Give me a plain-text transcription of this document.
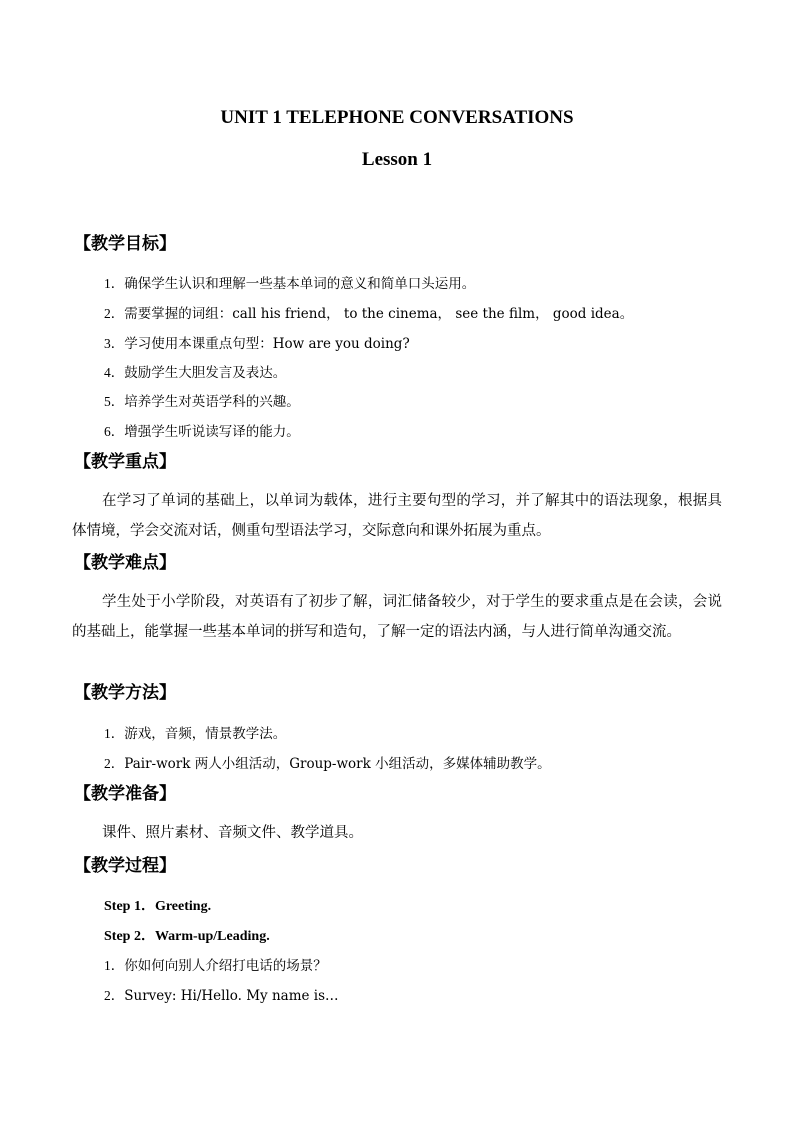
UNIT 1 TELEPHONE CONVERSATIONS
Lesson 1
【教学目标】
1．确保学生认识和理解一些基本单词的意义和简单口头运用。
2．需要掌握的词组：call his friend， to the cinema， see the film， good idea。
3．学习使用本课重点句型：How are you doing?
4．鼓励学生大胆发言及表达。
5．培养学生对英语学科的兴趣。
6．增强学生听说读写译的能力。
【教学重点】

在学习了单词的基础上，以单词为载体，进行主要句型的学习，并了解其中的语法现象，根据具体情境，学会交流对话，侧重句型语法学习，交际意向和课外拓展为重点。

【教学难点】

学生处于小学阶段，对英语有了初步了解，词汇储备较少，对于学生的要求重点是在会读，会说的基础上，能掌握一些基本单词的拼写和造句，了解一定的语法内涵，与人进行简单沟通交流。

【教学方法】
1．游戏，音频，情景教学法。
2．Pair-work 两人小组活动，Group-work 小组活动，多媒体辅助教学。
【教学准备】

课件、照片素材、音频文件、教学道具。

【教学过程】
Step 1．Greeting.
Step 2．Warm-up/Leading.
1．你如何向别人介绍打电话的场景？
2．Survey: Hi/Hello. My name is…
